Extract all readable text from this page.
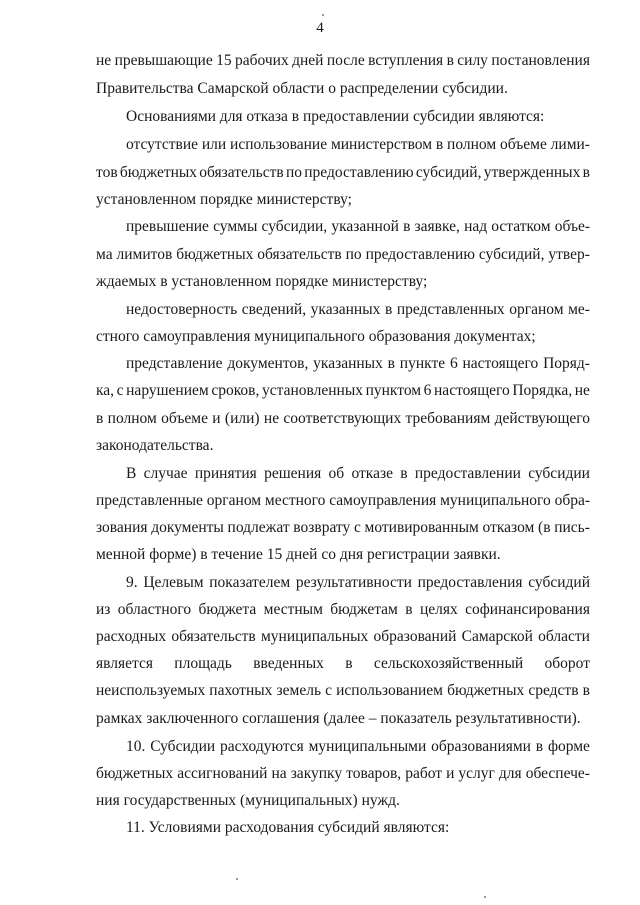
4
не превышающие 15 рабочих дней после вступления в силу постановления
Правительства Самарской области о распределении субсидии.
Основаниями для отказа в предоставлении субсидии являются:
отсутствие или использование министерством в полном объеме лими-
тов бюджетных обязательств по предоставлению субсидий, утвержденных в
установленном порядке министерству;
превышение суммы субсидии, указанной в заявке, над остатком объе-
ма лимитов бюджетных обязательств по предоставлению субсидий, утвер-
ждаемых в установленном порядке министерству;
недостоверность сведений, указанных в представленных органом ме-
стного самоуправления муниципального образования документах;
представление документов, указанных в пункте 6 настоящего Поряд-
ка, с нарушением сроков, установленных пунктом 6 настоящего Порядка, не
в полном объеме и (или) не соответствующих требованиям действующего
законодательства.
В случае принятия решения об отказе в предоставлении субсидии
представленные органом местного самоуправления муниципального обра-
зования документы подлежат возврату с мотивированным отказом (в пись-
менной форме) в течение 15 дней со дня регистрации заявки.
9. Целевым показателем результативности предоставления субсидий
из областного бюджета местным бюджетам в целях софинансирования
расходных обязательств муниципальных образований Самарской области
является площадь введенных в сельскохозяйственный оборот
неиспользуемых пахотных земель с использованием бюджетных средств в
рамках заключенного соглашения (далее – показатель результативности).
10. Субсидии расходуются муниципальными образованиями в форме
бюджетных ассигнований на закупку товаров, работ и услуг для обеспече-
ния государственных (муниципальных) нужд.
11. Условиями расходования субсидий являются:
